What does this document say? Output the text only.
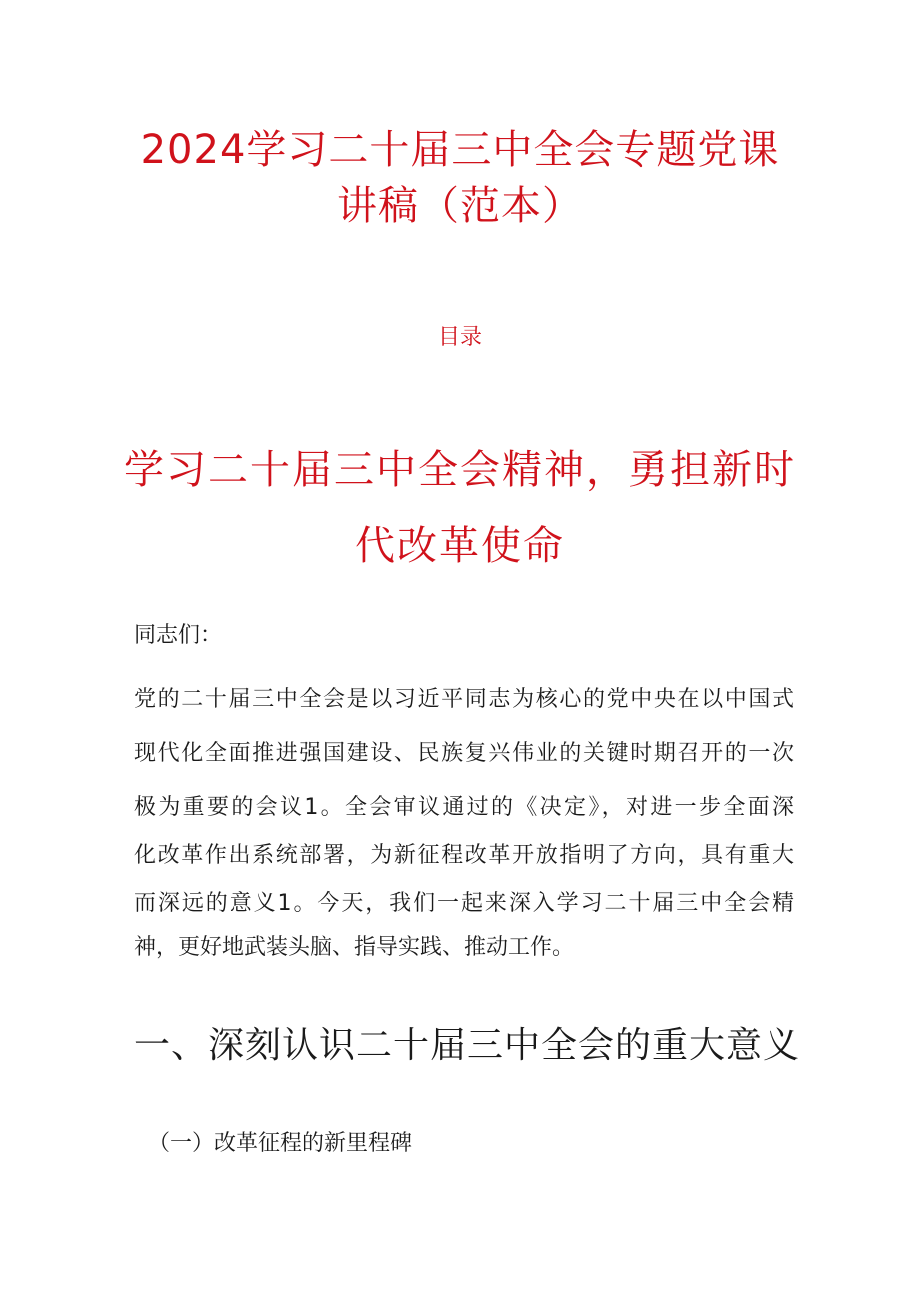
2024学习二十届三中全会专题党课
讲稿（范本）
目录
学习二十届三中全会精神，勇担新时
代改革使命
同志们：
党的二十届三中全会是以习近平同志为核心的党中央在以中国式
现代化全面推进强国建设、民族复兴伟业的关键时期召开的一次
极为重要的会议1。全会审议通过的《决定》，对进一步全面深
化改革作出系统部署，为新征程改革开放指明了方向，具有重大
而深远的意义1。今天，我们一起来深入学习二十届三中全会精
神，更好地武装头脑、指导实践、推动工作。
一、深刻认识二十届三中全会的重大意义
（一）改革征程的新里程碑
